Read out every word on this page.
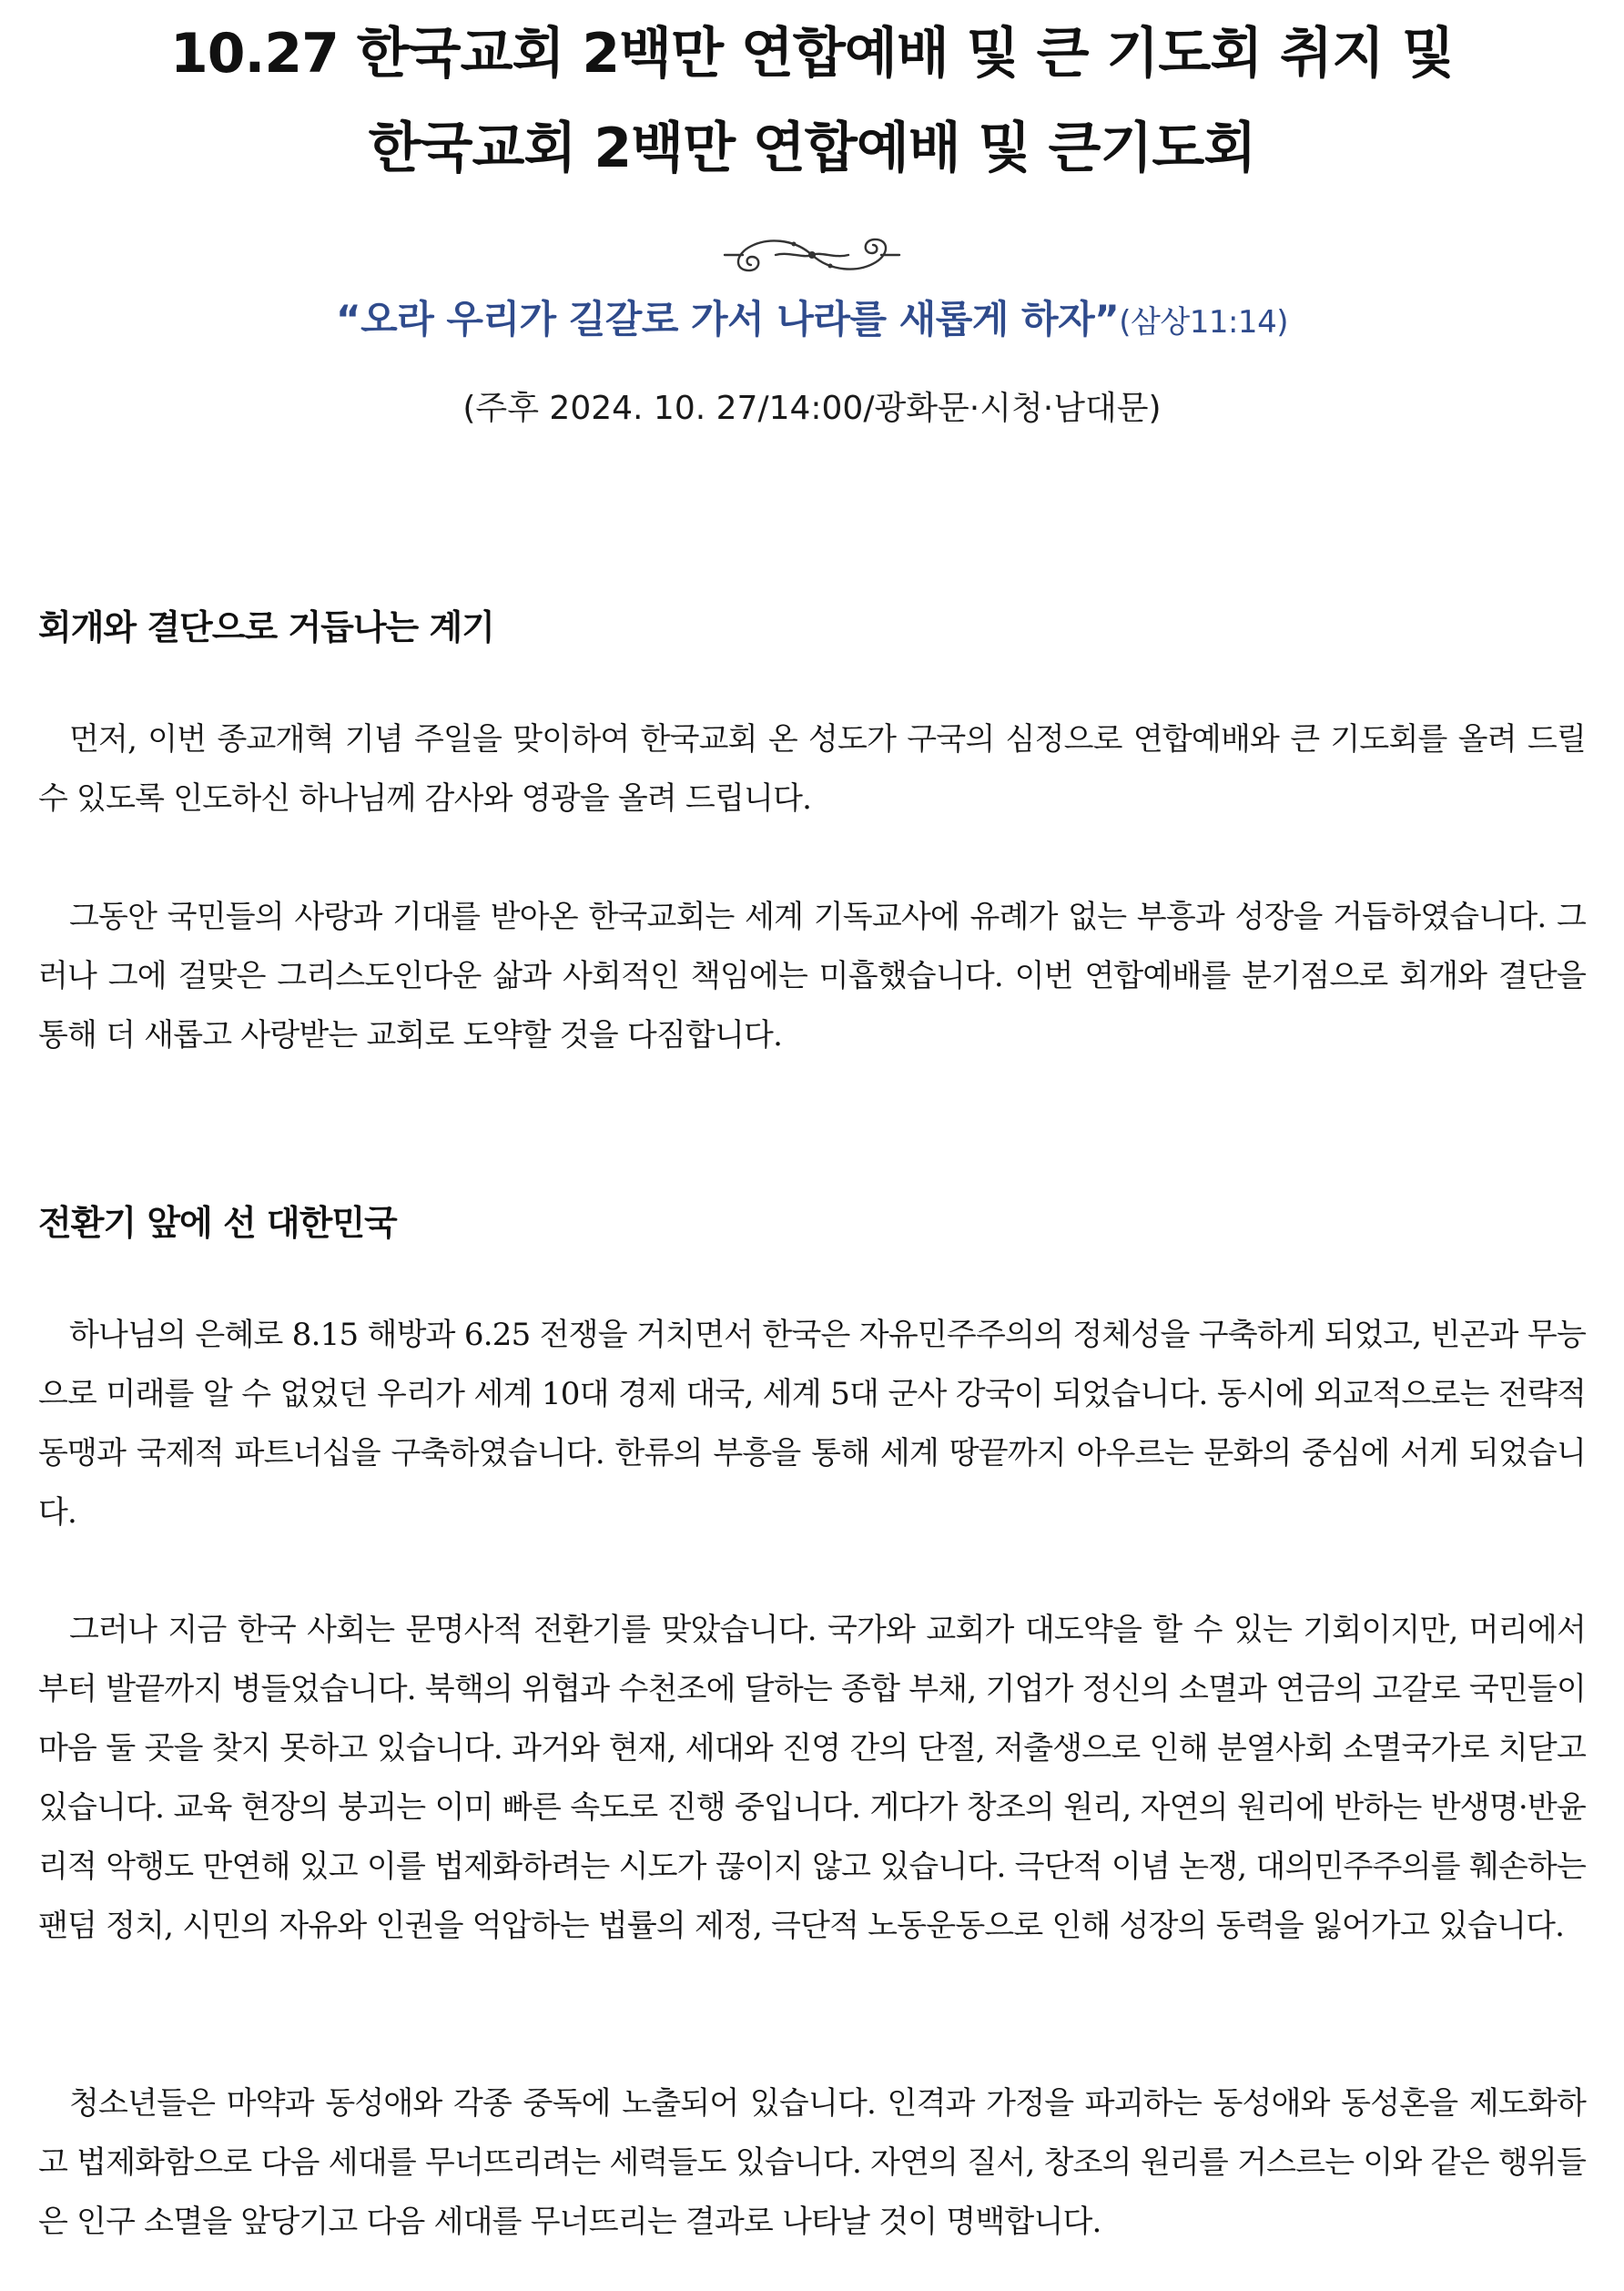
10.27 한국교회 2백만 연합예배 및 큰 기도회 취지 및
한국교회 2백만 연합예배 및 큰기도회
“오라 우리가 길갈로 가서 나라를 새롭게 하자”(삼상11:14)
(주후 2024. 10. 27/14:00/광화문·시청·남대문)
회개와 결단으로 거듭나는 계기

먼저, 이번 종교개혁 기념 주일을 맞이하여 한국교회 온 성도가 구국의 심정으로 연합예배와 큰 기도회를 올려 드릴 수 있도록 인도하신 하나님께 감사와 영광을 올려 드립니다.

그동안 국민들의 사랑과 기대를 받아온 한국교회는 세계 기독교사에 유례가 없는 부흥과 성장을 거듭하였습니다. 그러나 그에 걸맞은 그리스도인다운 삶과 사회적인 책임에는 미흡했습니다. 이번 연합예배를 분기점으로 회개와 결단을 통해 더 새롭고 사랑받는 교회로 도약할 것을 다짐합니다.

전환기 앞에 선 대한민국

하나님의 은혜로 8.15 해방과 6.25 전쟁을 거치면서 한국은 자유민주주의의 정체성을 구축하게 되었고, 빈곤과 무능으로 미래를 알 수 없었던 우리가 세계 10대 경제 대국, 세계 5대 군사 강국이 되었습니다. 동시에 외교적으로는 전략적 동맹과 국제적 파트너십을 구축하였습니다. 한류의 부흥을 통해 세계 땅끝까지 아우르는 문화의 중심에 서게 되었습니다.

그러나 지금 한국 사회는 문명사적 전환기를 맞았습니다. 국가와 교회가 대도약을 할 수 있는 기회이지만, 머리에서부터 발끝까지 병들었습니다. 북핵의 위협과 수천조에 달하는 종합 부채, 기업가 정신의 소멸과 연금의 고갈로 국민들이 마음 둘 곳을 찾지 못하고 있습니다. 과거와 현재, 세대와 진영 간의 단절, 저출생으로 인해 분열사회 소멸국가로 치닫고 있습니다. 교육 현장의 붕괴는 이미 빠른 속도로 진행 중입니다. 게다가 창조의 원리, 자연의 원리에 반하는 반생명·반윤리적 악행도 만연해 있고 이를 법제화하려는 시도가 끊이지 않고 있습니다. 극단적 이념 논쟁, 대의민주주의를 훼손하는 팬덤 정치, 시민의 자유와 인권을 억압하는 법률의 제정, 극단적 노동운동으로 인해 성장의 동력을 잃어가고 있습니다.

청소년들은 마약과 동성애와 각종 중독에 노출되어 있습니다. 인격과 가정을 파괴하는 동성애와 동성혼을 제도화하고 법제화함으로 다음 세대를 무너뜨리려는 세력들도 있습니다. 자연의 질서, 창조의 원리를 거스르는 이와 같은 행위들은 인구 소멸을 앞당기고 다음 세대를 무너뜨리는 결과로 나타날 것이 명백합니다.
